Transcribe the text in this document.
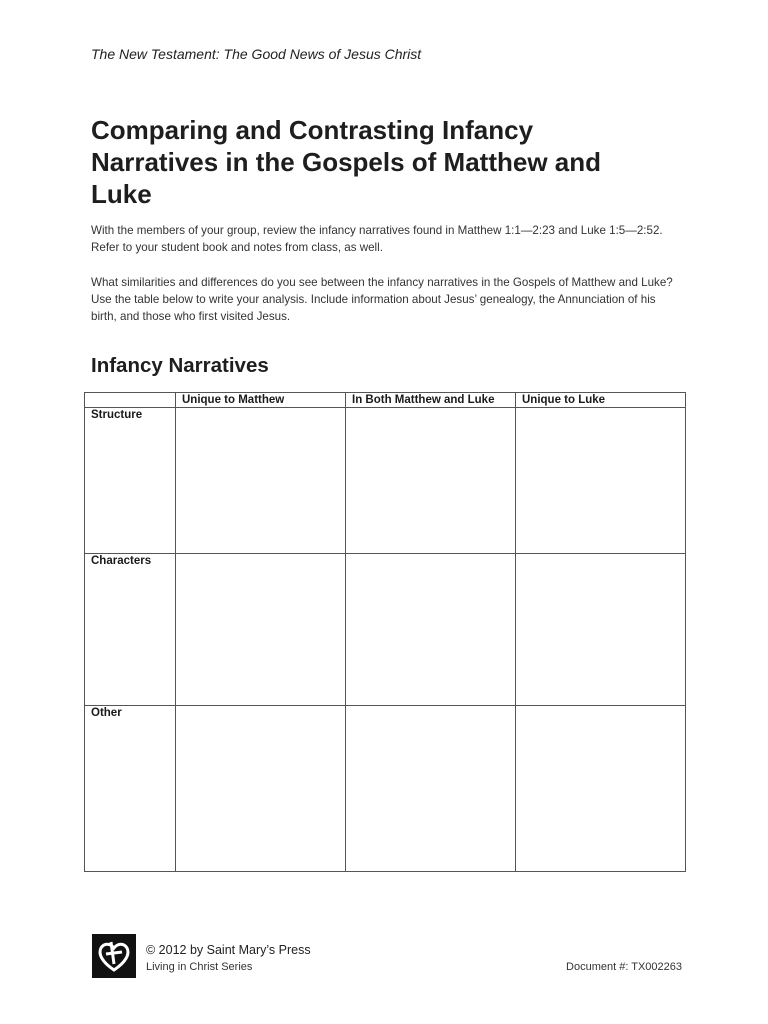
The New Testament: The Good News of Jesus Christ
Comparing and Contrasting Infancy Narratives in the Gospels of Matthew and Luke

With the members of your group, review the infancy narratives found in Matthew 1:1—2:23 and Luke 1:5—2:52. Refer to your student book and notes from class, as well.

What similarities and differences do you see between the infancy narratives in the Gospels of Matthew and Luke? Use the table below to write your analysis. Include information about Jesus’ genealogy, the Annunciation of his birth, and those who first visited Jesus.

Infancy Narratives
	Unique to Matthew	In Both Matthew and Luke	Unique to Luke
Structure			
Characters			
Other			
© 2012 by Saint Mary’s Press
Living in Christ Series	Document #: TX002263
